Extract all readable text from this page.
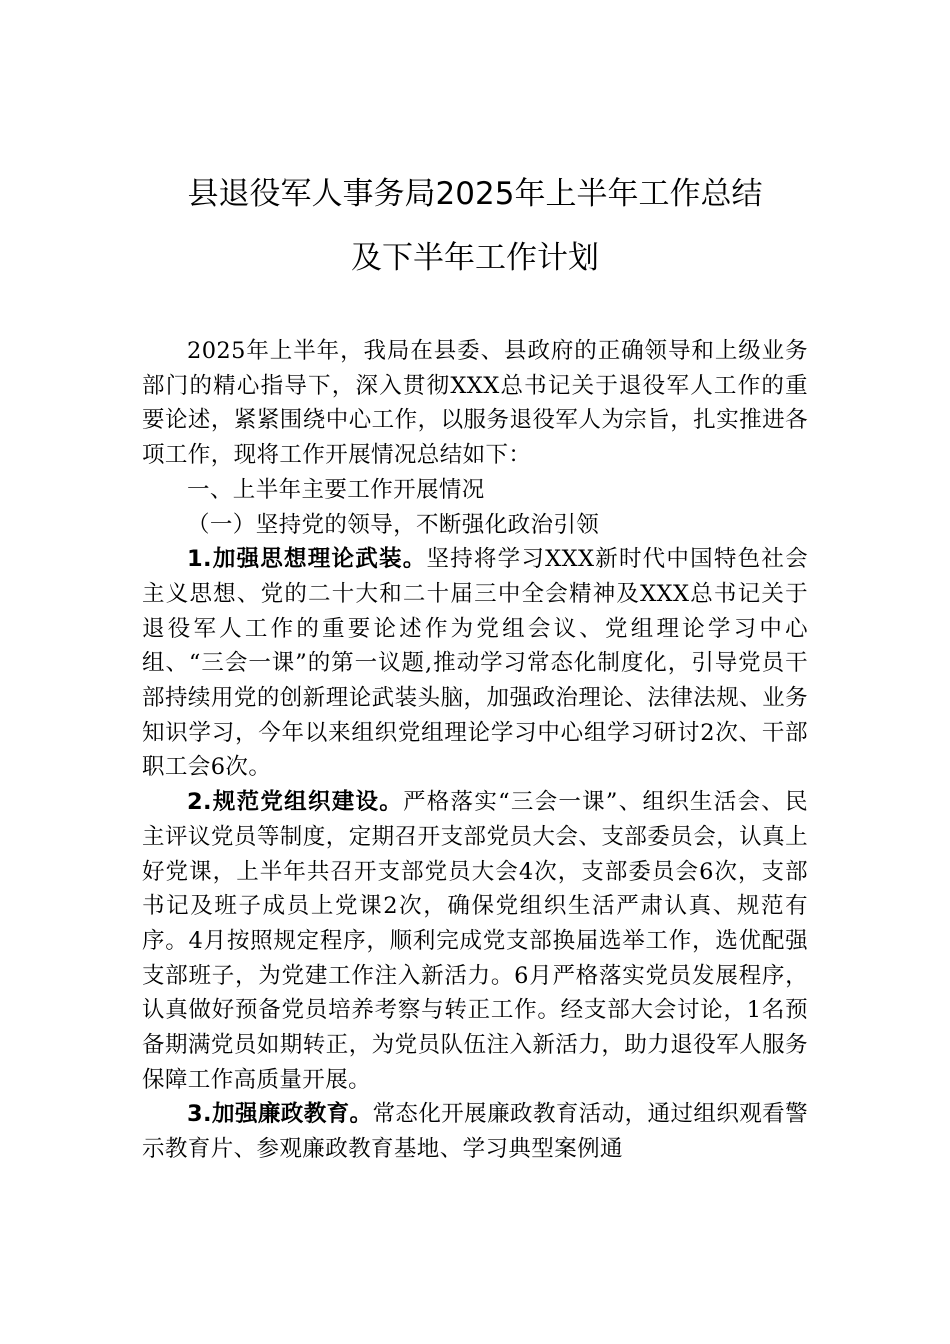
县退役军人事务局2025年上半年工作总结
及下半年工作计划

2025年上半年，我局在县委、县政府的正确领导和上级业务部门的精心指导下，深入贯彻XXX总书记关于退役军人工作的重要论述，紧紧围绕中心工作，以服务退役军人为宗旨，扎实推进各项工作，现将工作开展情况总结如下：

一、上半年主要工作开展情况

（一）坚持党的领导，不断强化政治引领

1.加强思想理论武装。坚持将学习XXX新时代中国特色社会主义思想、党的二十大和二十届三中全会精神及XXX总书记关于退役军人工作的重要论述作为党组会议、党组理论学习中心组、“三会一课”的第一议题,推动学习常态化制度化，引导党员干部持续用党的创新理论武装头脑，加强政治理论、法律法规、业务知识学习，今年以来组织党组理论学习中心组学习研讨2次、干部职工会6次。

2.规范党组织建设。严格落实“三会一课”、组织生活会、民主评议党员等制度，定期召开支部党员大会、支部委员会，认真上好党课，上半年共召开支部党员大会4次，支部委员会6次，支部书记及班子成员上党课2次，确保党组织生活严肃认真、规范有序。4月按照规定程序，顺利完成党支部换届选举工作，选优配强支部班子，为党建工作注入新活力。6月严格落实党员发展程序，认真做好预备党员培养考察与转正工作。经支部大会讨论，1名预备期满党员如期转正，为党员队伍注入新活力，助力退役军人服务保障工作高质量开展。

3.加强廉政教育。常态化开展廉政教育活动，通过组织观看警示教育片、参观廉政教育基地、学习典型案例通
